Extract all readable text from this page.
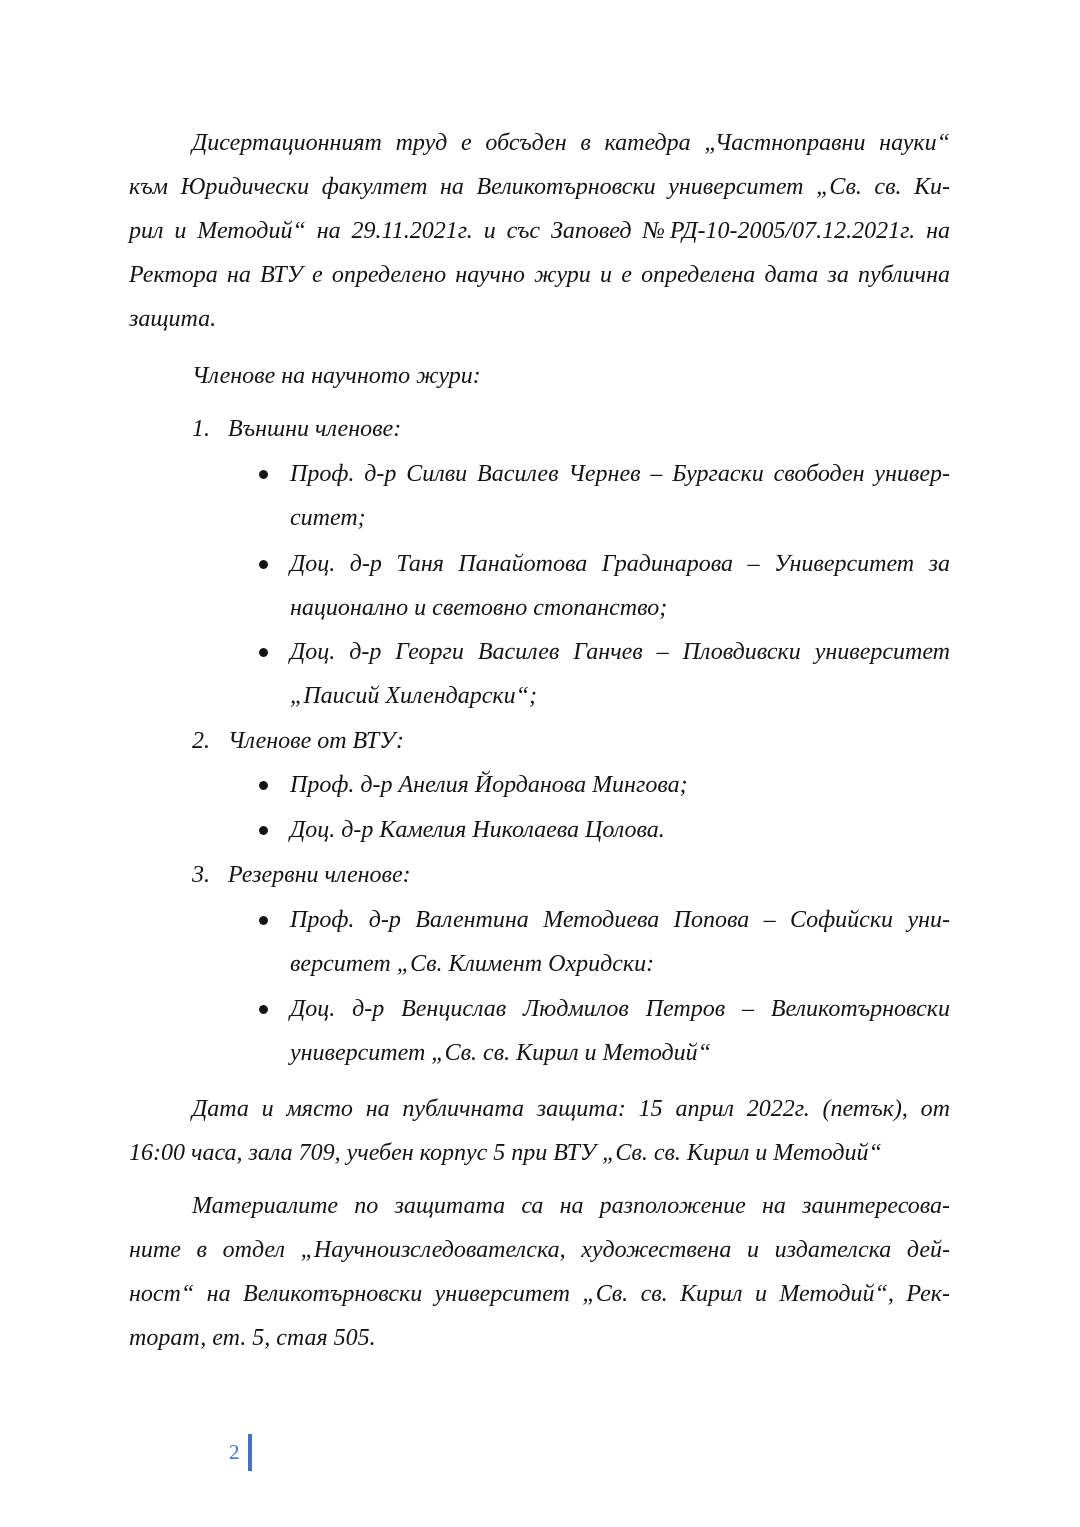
Дисертационният труд е обсъден в катедра „Частноправни науки“

към Юридически факултет на Великотърновски университет „Св. св. Ки-

рил и Методий“ на 29.11.2021г. и със Заповед №РД-10-2005/07.12.2021г. на

Ректора на ВТУ е определено научно жури и е определена дата за публична

защита.

Членове на научното жури:

1. Външни членове:

Проф. д-р Силви Василев Чернев – Бургаски свободен универ-

ситет;

Доц. д-р Таня Панайотова Градинарова – Университет за

национално и световно стопанство;

Доц. д-р Георги Василев Ганчев – Пловдивски университет

„Паисий Хилендарски“;

2. Членове от ВТУ:

Проф. д-р Анелия Йорданова Мингова;

Доц. д-р Камелия Николаева Цолова.

3. Резервни членове:

Проф. д-р Валентина Методиева Попова – Софийски уни-

верситет „Св. Климент Охридски:

Доц. д-р Венцислав Людмилов Петров – Великотърновски

университет „Св. св. Кирил и Методий“

Дата и място на публичната защита: 15 април 2022г. (петък), от

16:00 часа, зала 709, учебен корпус 5 при ВТУ „Св. св. Кирил и Методий“

Материалите по защитата са на разположение на заинтересова-

ните в отдел „Научноизследователска, художествена и издателска дей-

ност“ на Великотърновски университет „Св. св. Кирил и Методий“, Рек-

торат, ет. 5, стая 505.

2
